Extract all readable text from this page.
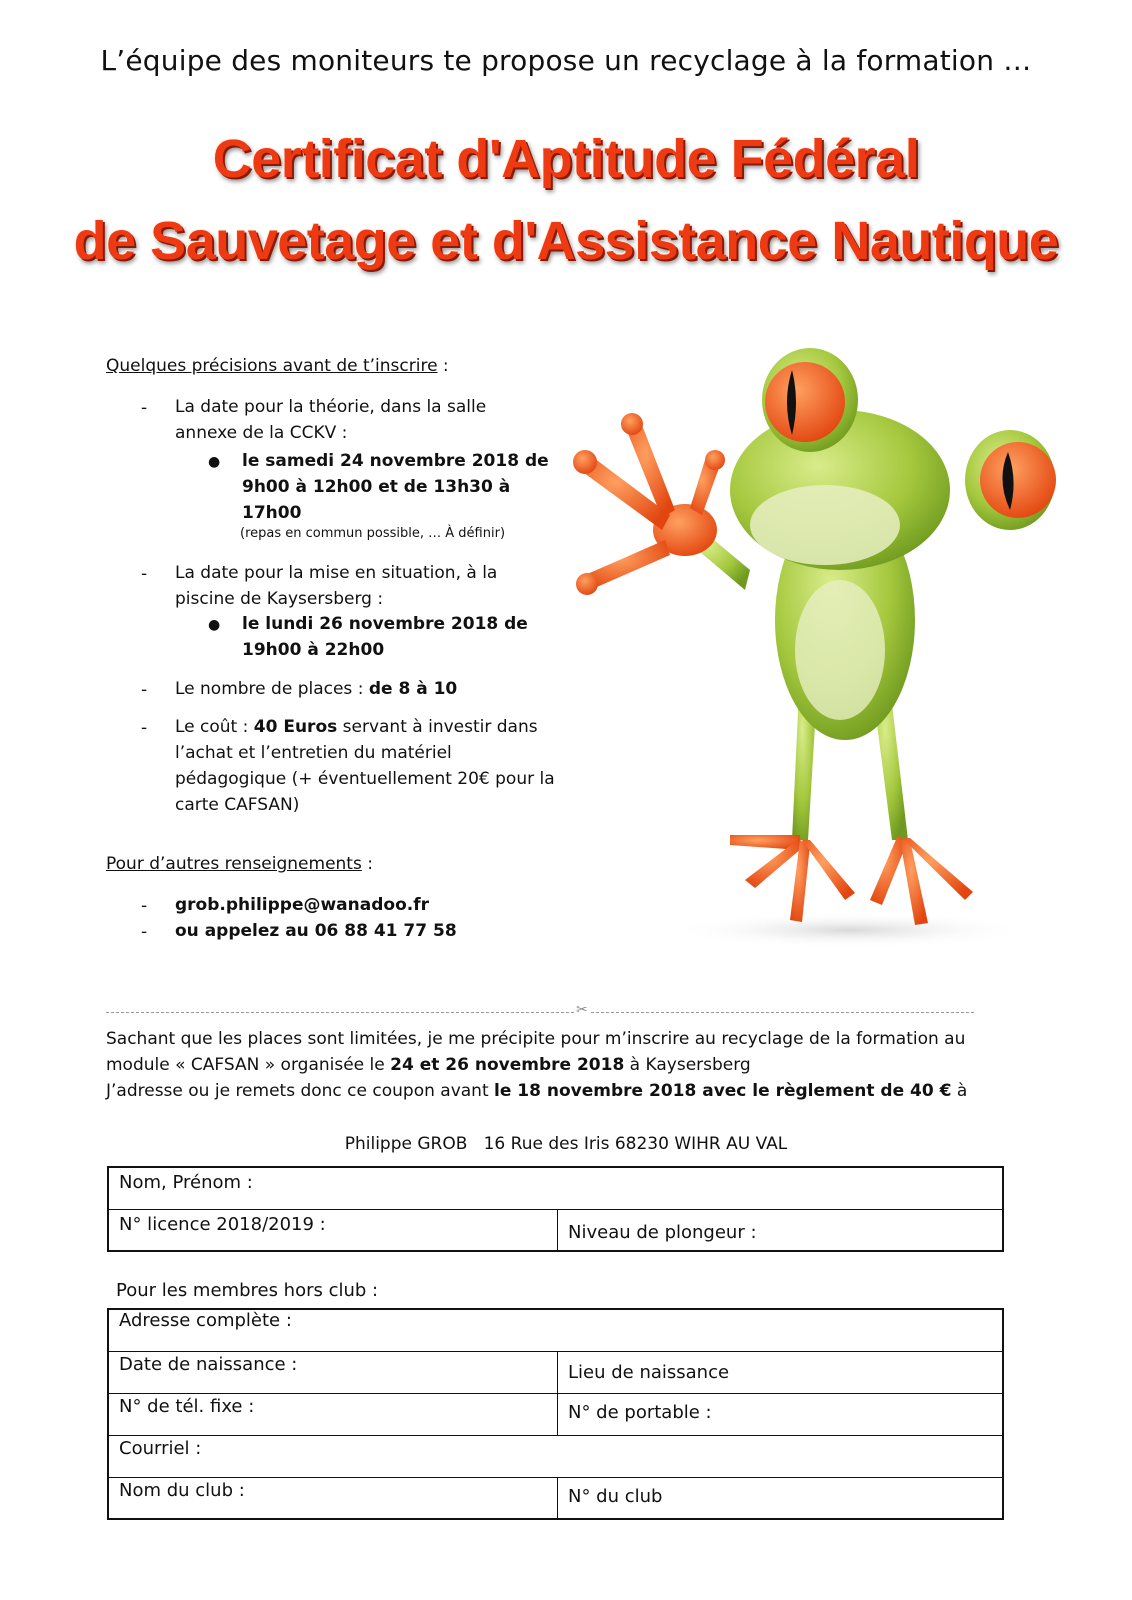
L’équipe des moniteurs te propose un recyclage à la formation …
Certificat d'Aptitude Fédéral
de Sauvetage et d'Assistance Nautique
Quelques précisions avant de t’inscrire :
- La date pour la théorie, dans la salle
annexe de la CCKV :
● le samedi 24 novembre 2018 de
9h00 à 12h00 et de 13h30 à
17h00
(repas en commun possible, … À définir)
- La date pour la mise en situation, à la
piscine de Kaysersberg :
● le lundi 26 novembre 2018 de
19h00 à 22h00
- Le nombre de places : de 8 à 10
- Le coût : 40 Euros servant à investir dans
l’achat et l’entretien du matériel
pédagogique (+ éventuellement 20€ pour la
carte CAFSAN)
Pour d’autres renseignements :
- grob.philippe@wanadoo.fr
- ou appelez au 06 88 41 77 58
✂
Sachant que les places sont limitées, je me précipite pour m’inscrire au recyclage de la formation au
module « CAFSAN » organisée le 24 et 26 novembre 2018 à Kaysersberg
J’adresse ou je remets donc ce coupon avant le 18 novembre 2018 avec le règlement de 40 € à
Philippe GROB   16 Rue des Iris 68230 WIHR AU VAL
Nom, Prénom :
N° licence 2018/2019 :	Niveau de plongeur :
Pour les membres hors club :
Adresse complète :	
Date de naissance :	Lieu de naissance
N° de tél. fixe :	N° de portable :
Courriel :	
Nom du club :	N° du club
